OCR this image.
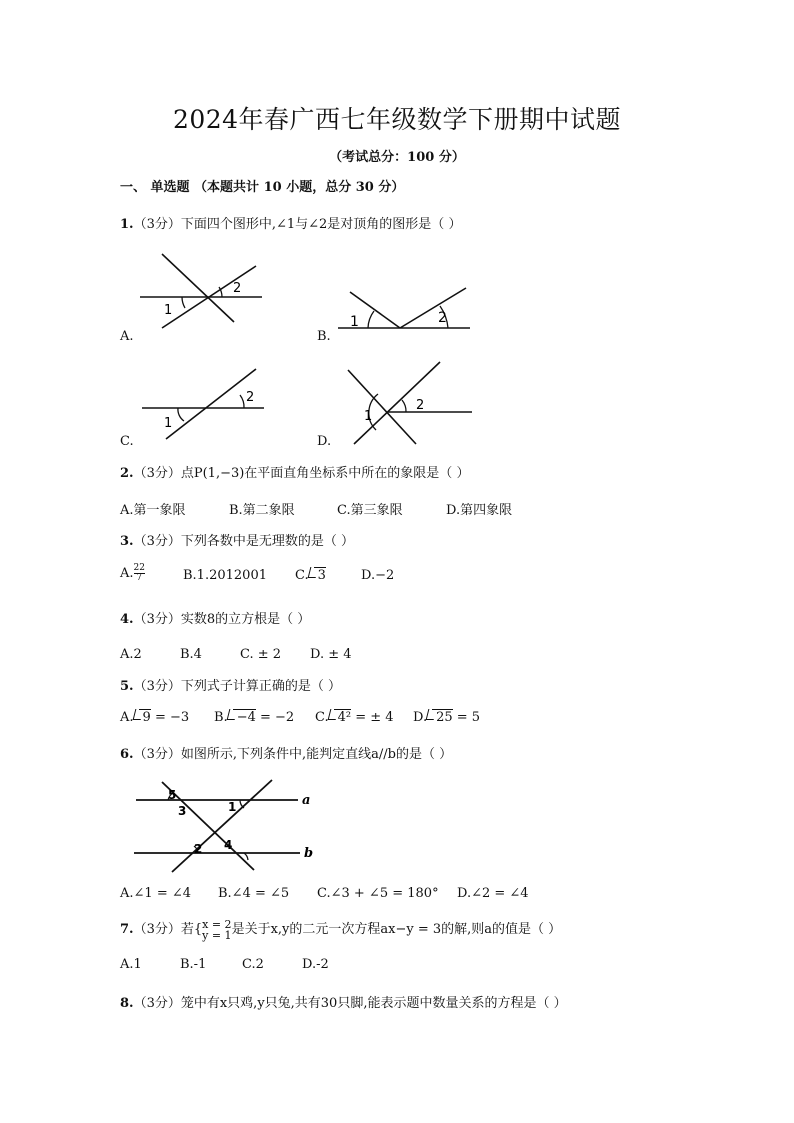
2024年春广西七年级数学下册期中试题
（考试总分：100 分）
一、 单选题 （本题共计 10 小题，总分 30 分）
1.（3分）下面四个图形中,∠1与∠2是对顶角的图形是（ ）
1
2
A.
1	2
B.
1
2
C.
1
2
D.
2.（3分）点P(1,−3)在平面直角坐标系中所在的象限是（ ）
A.第一象限	B.第二象限	C.第三象限	D.第四象限
3.（3分）下列各数中是无理数的是（ ）
A. $\frac{22}{7}$	B.1.2012001 C. 3	D.−2
4.（3分）实数8的立方根是（ ）
A.2	B.4	C. ± 2 D. ± 4
5.（3分）下列式子计算正确的是（ ）
A. 9 = −3 B. −4 = −2 C. 4² = ± 4 D. 25 = 5
6.（3分）如图所示,下列条件中,能判定直线a//b的是（ ）
5
3	1
2 4
a
b
A.∠1 = ∠4 B.∠4 = ∠5 C.∠3 + ∠5 = 180° D.∠2 = ∠4
7.（3分）若{ x = 2
y = 1 是关于x,y的二元一次方程ax−y = 3的解,则a的值是（ ）
A.1	B.-1	C.2	D.-2
8.（3分）笼中有x只鸡,y只兔,共有30只脚,能表示题中数量关系的方程是（ ）
